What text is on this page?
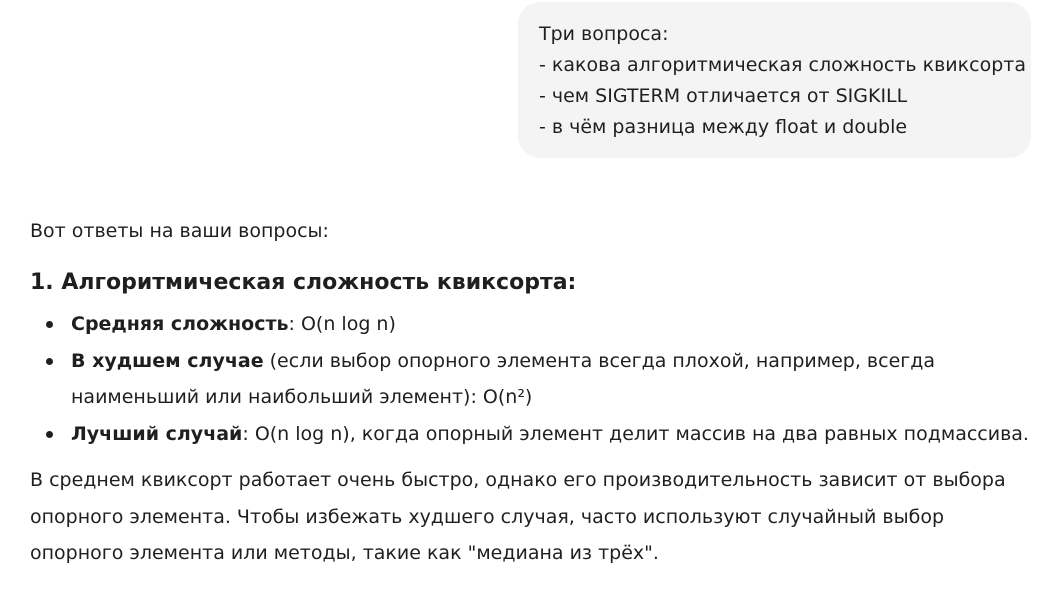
Три вопроса:
- какова алгоритмическая сложность квиксорта
- чем SIGTERM отличается от SIGKILL
- в чём разница между float и double

Вот ответы на ваши вопросы:

1. Алгоритмическая сложность квиксорта:
Средняя сложность: O(n log n)
В худшем случае (если выбор опорного элемента всегда плохой, например, всегда наименьший или наибольший элемент): O(n²)
Лучший случай: O(n log n), когда опорный элемент делит массив на два равных подмассива.

В среднем квиксорт работает очень быстро, однако его производительность зависит от выбора опорного элемента. Чтобы избежать худшего случая, часто используют случайный выбор опорного элемента или методы, такие как "медиана из трёх".
